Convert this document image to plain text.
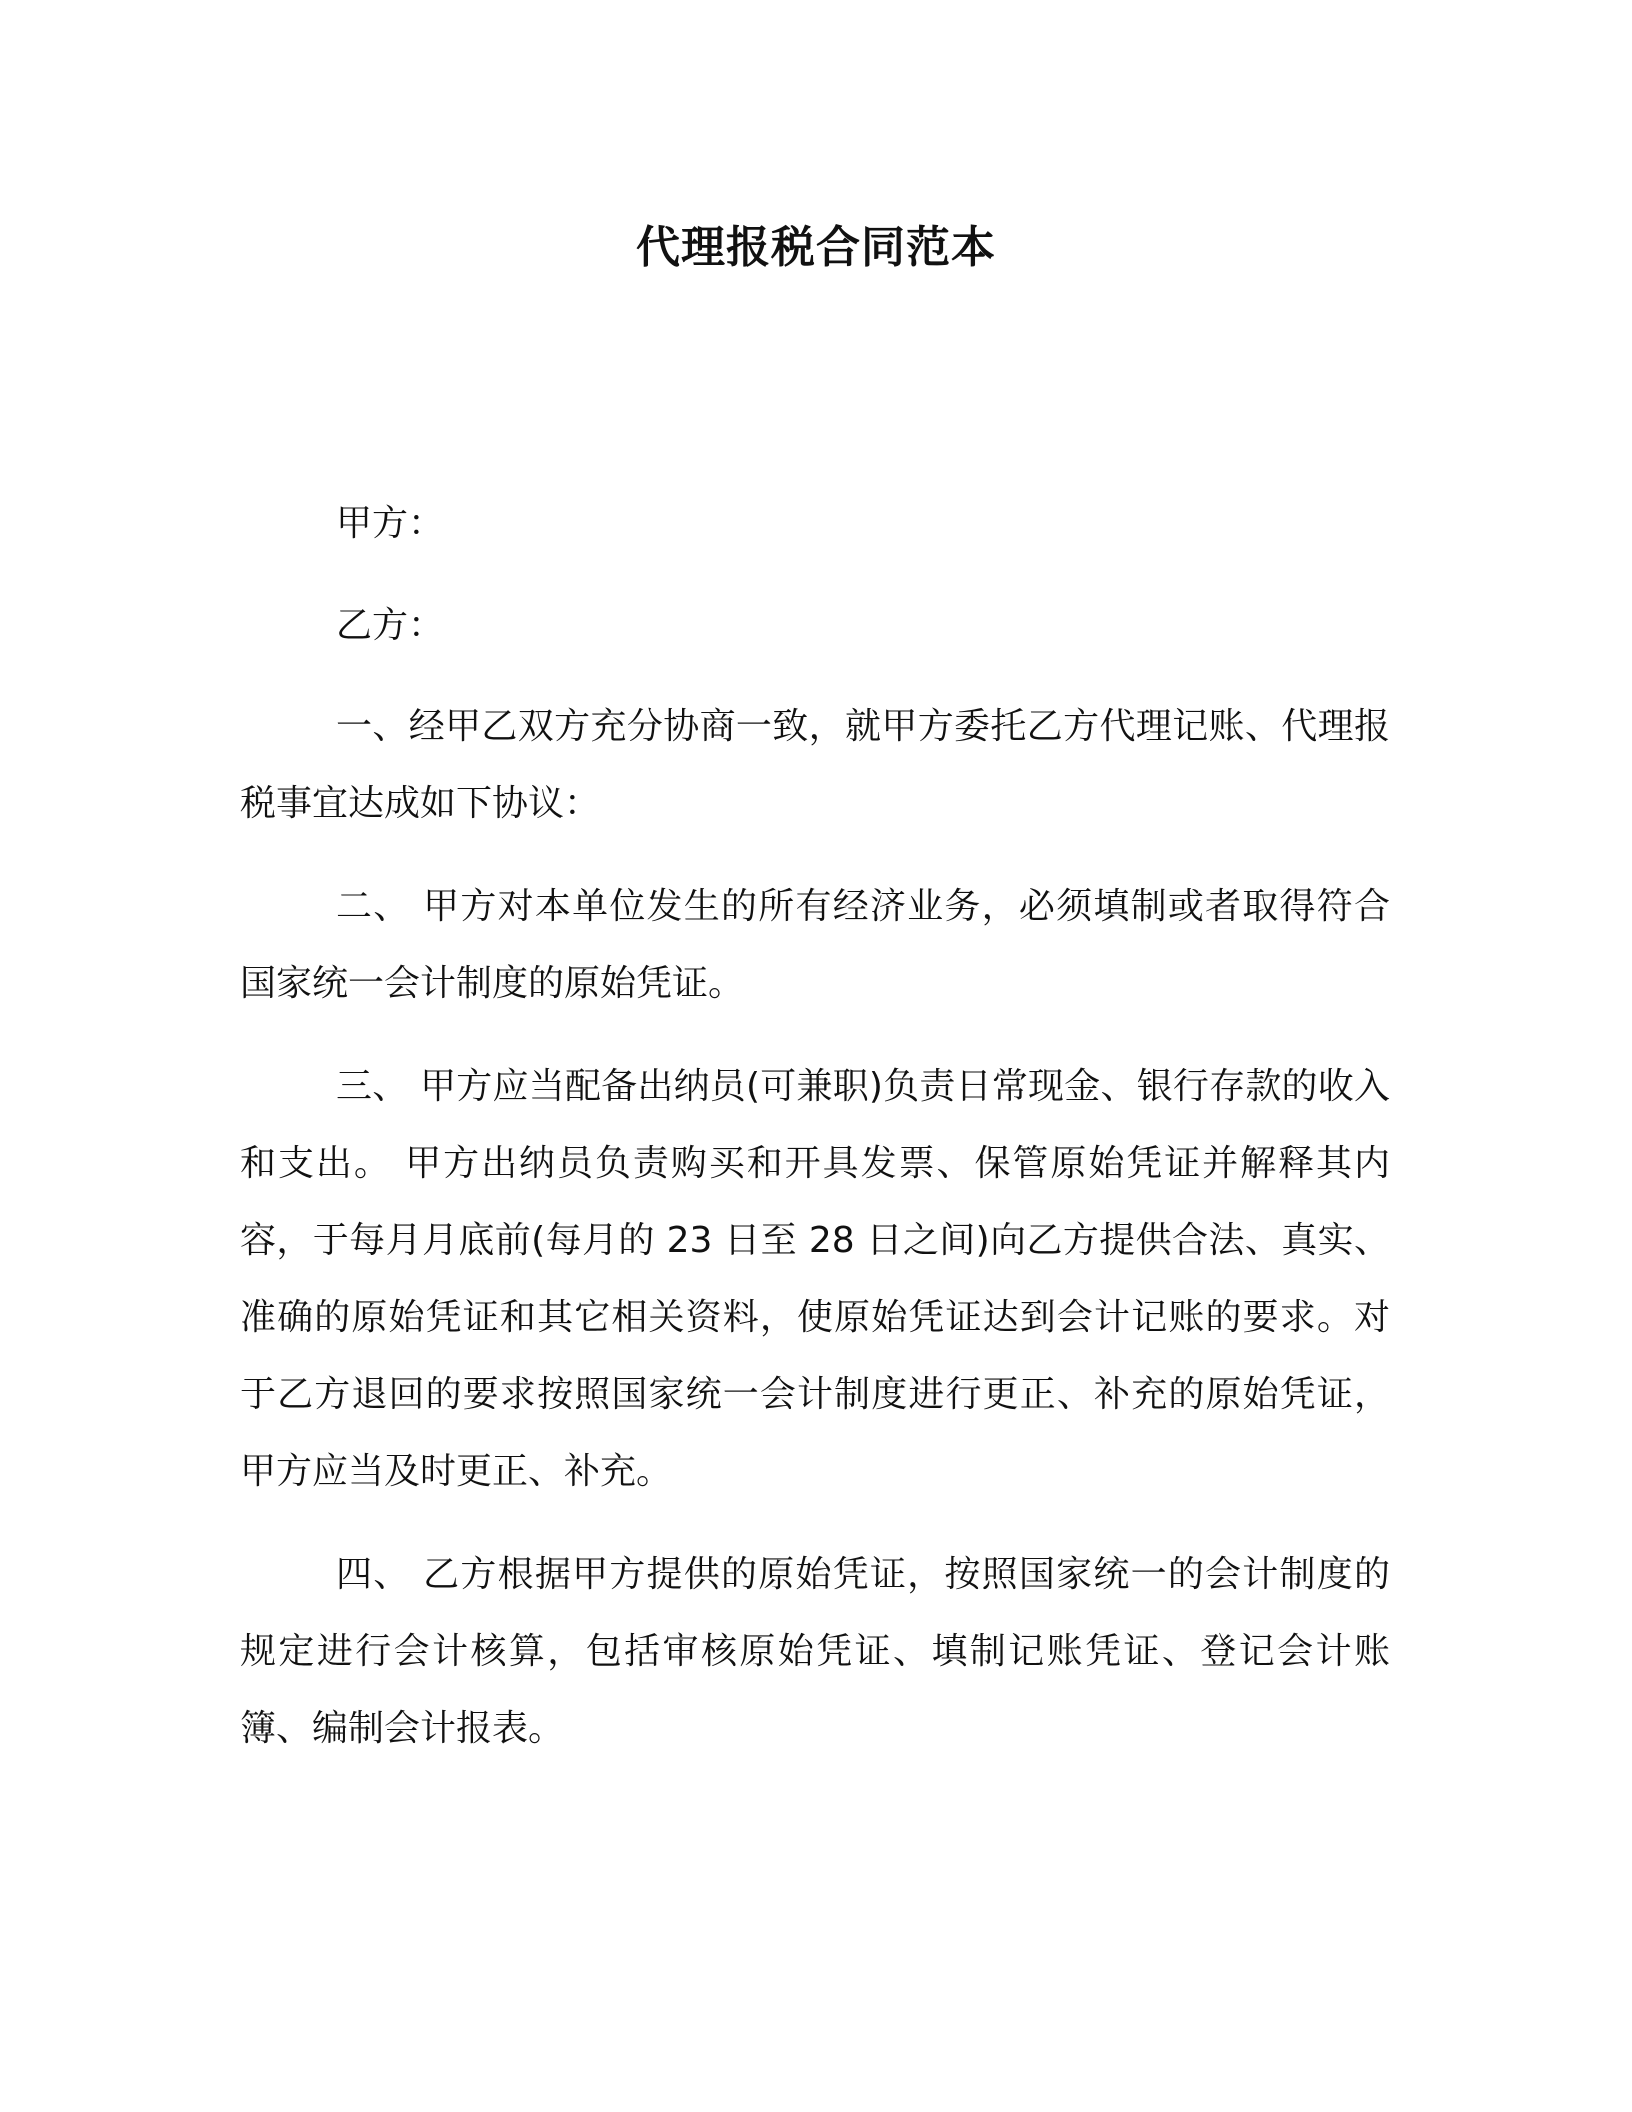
代理报税合同范本

甲方：

乙方：

一、经甲乙双方充分协商一致，就甲方委托乙方代理记账、代理报税事宜达成如下协议：

二、 甲方对本单位发生的所有经济业务，必须填制或者取得符合国家统一会计制度的原始凭证。

三、 甲方应当配备出纳员(可兼职)负责日常现金、银行存款的收入和支出。 甲方出纳员负责购买和开具发票、保管原始凭证并解释其内容，于每月月底前(每月的 23 日至 28 日之间)向乙方提供合法、真实、准确的原始凭证和其它相关资料，使原始凭证达到会计记账的要求。对于乙方退回的要求按照国家统一会计制度进行更正、补充的原始凭证，甲方应当及时更正、补充。

四、 乙方根据甲方提供的原始凭证，按照国家统一的会计制度的规定进行会计核算，包括审核原始凭证、填制记账凭证、登记会计账簿、编制会计报表。
